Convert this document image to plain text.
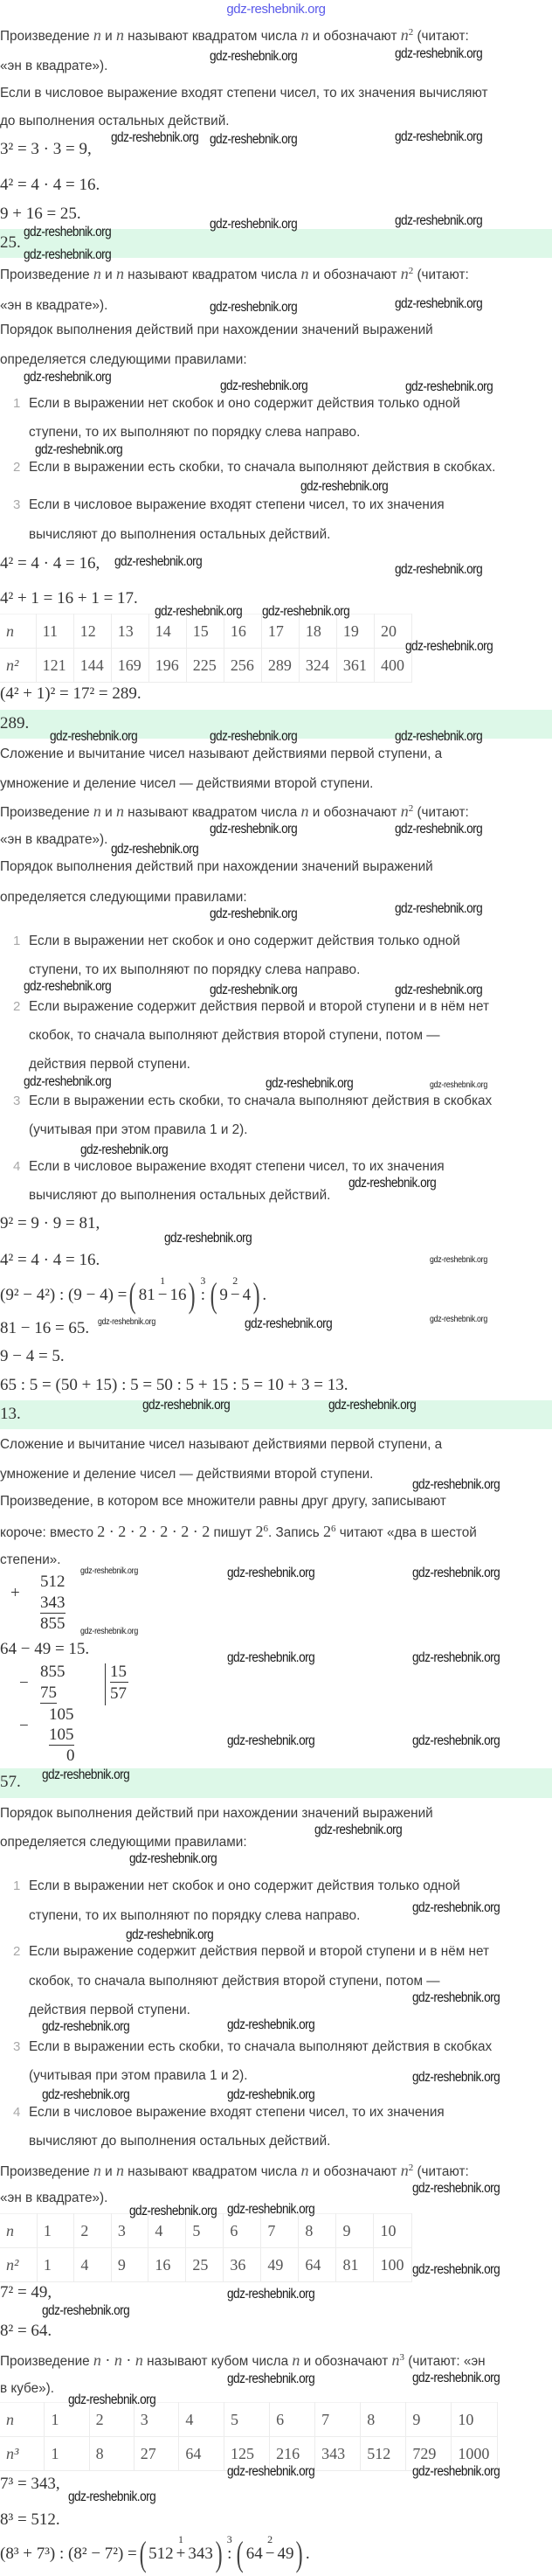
gdz-reshebnik.org
Произведение n и n называют квадратом числа n и обозначают $n^2$ (читают:
«эн в квадрате»).
Если в числовое выражение входят степени чисел, то их значения вычисляют
до выполнения остальных действий.
3² = 3 · 3 = 9,
4² = 4 · 4 = 16.
9 + 16 = 25.
25.
Произведение n и n называют квадратом числа n и обозначают $n^2$ (читают:
«эн в квадрате»).
Порядок выполнения действий при нахождении значений выражений
определяется следующими правилами:
1 Если в выражении нет скобок и оно содержит действия только одной
ступени, то их выполняют по порядку слева направо.
2 Если в выражении есть скобки, то сначала выполняют действия в скобках.
3 Если в числовое выражение входят степени чисел, то их значения
вычисляют до выполнения остальных действий.
4² = 4 · 4 = 16,
4² + 1 = 16 + 1 = 17.
n	11	12	13	14	15	16	17	18	19	20
n²	121	144	169	196	225	256	289	324	361	400
(4² + 1)² = 17² = 289.
289.
Сложение и вычитание чисел называют действиями первой ступени, а
умножение и деление чисел — действиями второй ступени.
Произведение n и n называют квадратом числа n и обозначают $n^2$ (читают:
«эн в квадрате»).
Порядок выполнения действий при нахождении значений выражений
определяется следующими правилами:
1 Если в выражении нет скобок и оно содержит действия только одной
ступени, то их выполняют по порядку слева направо.
2 Если выражение содержит действия первой и второй ступени и в нём нет
скобок, то сначала выполняют действия второй ступени, потом —
действия первой ступени.
3 Если в выражении есть скобки, то сначала выполняют действия в скобках
(учитывая при этом правила 1 и 2).
4 Если в числовое выражение входят степени чисел, то их значения
вычисляют до выполнения остальных действий.
9² = 9 · 9 = 81,
4² = 4 · 4 = 16.
(9² − 4²) : (9 − 4) = ( 81
1
− 16 ) 3
: ( 9
2
− 4 ) .
81 − 16 = 65.
9 − 4 = 5.
65 : 5 = (50 + 15) : 5 = 50 : 5 + 15 : 5 = 10 + 3 = 13.
13.
Сложение и вычитание чисел называют действиями первой ступени, а
умножение и деление чисел — действиями второй ступени.
Произведение, в котором все множители равны друг другу, записывают
короче: вместо 2 · 2 · 2 · 2 · 2 · 2 пишут $2^6$. Запись $2^6$ читают «два в шестой
степени».
+
512
343
855
64 − 49 = 15.
−
855
75
15
57
105
− 105
0
57.
Порядок выполнения действий при нахождении значений выражений
определяется следующими правилами:
1 Если в выражении нет скобок и оно содержит действия только одной
ступени, то их выполняют по порядку слева направо.
2 Если выражение содержит действия первой и второй ступени и в нём нет
скобок, то сначала выполняют действия второй ступени, потом —
действия первой ступени.
3 Если в выражении есть скобки, то сначала выполняют действия в скобках
(учитывая при этом правила 1 и 2).
4 Если в числовое выражение входят степени чисел, то их значения
вычисляют до выполнения остальных действий.
Произведение n и n называют квадратом числа n и обозначают $n^2$ (читают:
«эн в квадрате»).
n	1	2	3	4	5	6	7	8	9	10
n²	1	4	9	16	25	36	49	64	81	100
7² = 49,
8² = 64.
Произведение n · n · n называют кубом числа n и обозначают $n^3$ (читают: «эн
в кубе»).
n	1	2	3	4	5	6	7	8	9	10
n³	1	8	27	64	125	216	343	512	729	1000
7³ = 343,
8³ = 512.
(8³ + 7³) : (8² − 7²) = ( 512
1
+ 343 ) 3
: ( 64
2
− 49 ) .
gdz-reshebnik.org	gdz-reshebnik.org
gdz-reshebnik.org gdz-reshebnik.org	gdz-reshebnik.org
gdz-reshebnik.org
gdz-reshebnik.org	gdz-reshebnik.org
gdz-reshebnik.org
gdz-reshebnik.org	gdz-reshebnik.org
gdz-reshebnik.org
gdz-reshebnik.org	gdz-reshebnik.org
gdz-reshebnik.org
gdz-reshebnik.org
gdz-reshebnik.org
gdz-reshebnik.org
gdz-reshebnik.org gdz-reshebnik.org
gdz-reshebnik.org
gdz-reshebnik.org	gdz-reshebnik.org
gdz-reshebnik.org
gdz-reshebnik.org	gdz-reshebnik.org
gdz-reshebnik.org
gdz-reshebnik.org	gdz-reshebnik.org
gdz-reshebnik.org	gdz-reshebnik.org	gdz-reshebnik.org
gdz-reshebnik.org	gdz-reshebnik.org	gdz-reshebnik.org
gdz-reshebnik.org
gdz-reshebnik.org
gdz-reshebnik.org
gdz-reshebnik.org
gdz-reshebnik.org	gdz-reshebnik.org	gdz-reshebnik.org
gdz-reshebnik.org	gdz-reshebnik.org
gdz-reshebnik.org
gdz-reshebnik.org	gdz-reshebnik.org	gdz-reshebnik.org
gdz-reshebnik.org
gdz-reshebnik.org	gdz-reshebnik.org
gdz-reshebnik.org	gdz-reshebnik.org
gdz-reshebnik.org
gdz-reshebnik.org
gdz-reshebnik.org
gdz-reshebnik.org
gdz-reshebnik.org
gdz-reshebnik.org
gdz-reshebnik.org	gdz-reshebnik.org
gdz-reshebnik.org
gdz-reshebnik.org	gdz-reshebnik.org
gdz-reshebnik.org
gdz-reshebnik.org gdz-reshebnik.org
gdz-reshebnik.org
gdz-reshebnik.org
gdz-reshebnik.org
gdz-reshebnik.org	gdz-reshebnik.org
gdz-reshebnik.org
gdz-reshebnik.org	gdz-reshebnik.org
gdz-reshebnik.org
